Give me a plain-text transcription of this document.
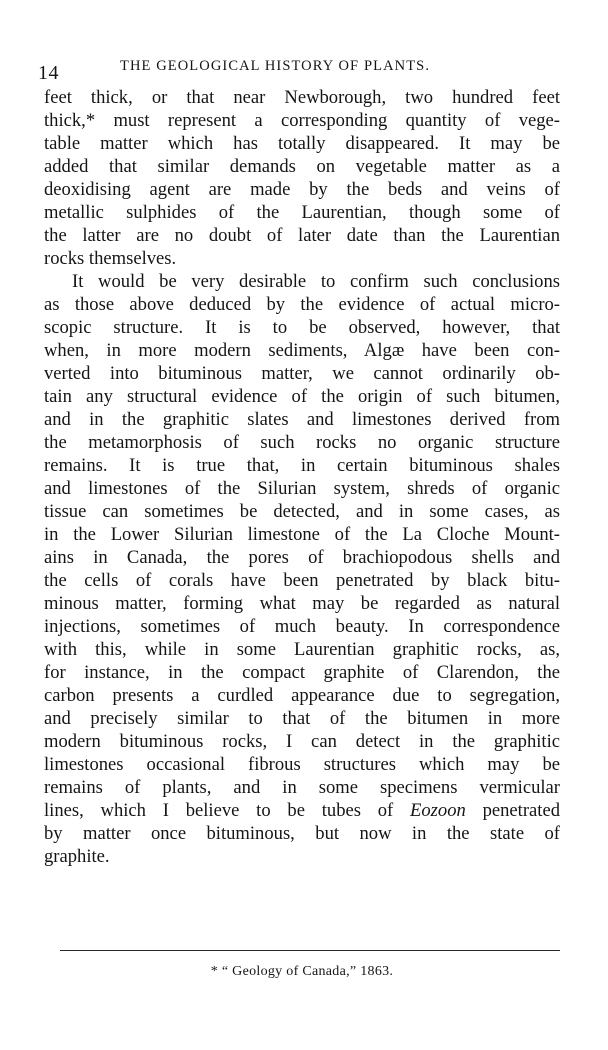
14	THE GEOLOGICAL HISTORY OF PLANTS.
feet thick, or that near Newborough, two hundred feet
thick,* must represent a corresponding quantity of vege-
table matter which has totally disappeared. It may be
added that similar demands on vegetable matter as a
deoxidising agent are made by the beds and veins of
metallic sulphides of the Laurentian, though some of
the latter are no doubt of later date than the Laurentian
rocks themselves.
It would be very desirable to confirm such conclusions
as those above deduced by the evidence of actual micro-
scopic structure. It is to be observed, however, that
when, in more modern sediments, Algæ have been con-
verted into bituminous matter, we cannot ordinarily ob-
tain any structural evidence of the origin of such bitumen,
and in the graphitic slates and limestones derived from
the metamorphosis of such rocks no organic structure
remains. It is true that, in certain bituminous shales
and limestones of the Silurian system, shreds of organic
tissue can sometimes be detected, and in some cases, as
in the Lower Silurian limestone of the La Cloche Mount-
ains in Canada, the pores of brachiopodous shells and
the cells of corals have been penetrated by black bitu-
minous matter, forming what may be regarded as natural
injections, sometimes of much beauty. In correspondence
with this, while in some Laurentian graphitic rocks, as,
for instance, in the compact graphite of Clarendon, the
carbon presents a curdled appearance due to segregation,
and precisely similar to that of the bitumen in more
modern bituminous rocks, I can detect in the graphitic
limestones occasional fibrous structures which may be
remains of plants, and in some specimens vermicular
lines, which I believe to be tubes of Eozoon penetrated
by matter once bituminous, but now in the state of
graphite.
* “ Geology of Canada,” 1863.
